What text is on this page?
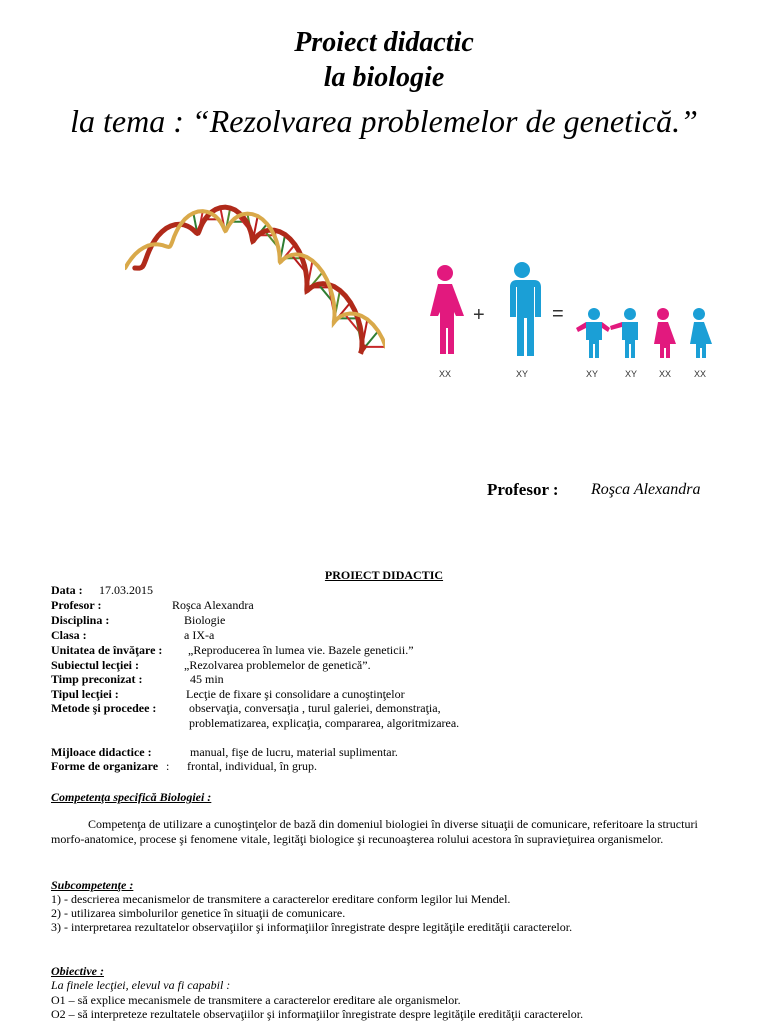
Proiect didactic
la biologie
la tema : “Rezolvarea problemelor de genetică.”
+	=
XX	XY	XY	XY	XX	XX
Profesor : Roşca Alexandra
PROIECT DIDACTIC
Data : 17.03.2015
Profesor :	Roşca Alexandra
Disciplina :	Biologie
Clasa :	a IX-a
Unitatea de învăţare : „Reproducerea în lumea vie. Bazele geneticii.”
Subiectul lecţiei :	„Rezolvarea problemelor de genetică”.
Timp preconizat :	45 min
Tipul lecţiei :	Lecţie de fixare şi consolidare a cunoştinţelor
Metode şi procedee :	observaţia, conversaţia , turul galeriei, demonstraţia,
problematizarea, explicaţia, compararea, algoritmizarea.
Mijloace didactice :	manual, fişe de lucru, material suplimentar.
Forme de organizare : frontal, individual, în grup.
Competenţa specifică Biologiei :
Competenţa de utilizare a cunoştinţelor de bază din domeniul biologiei în diverse situaţii de comunicare, referitoare la structuri morfo-anatomice, procese şi fenomene vitale, legităţi biologice şi recunoaşterea rolului acestora în supravieţuirea organismelor.
Subcompetenţe :
1) - descrierea mecanismelor de transmitere a caracterelor ereditare conform legilor lui Mendel.
2) - utilizarea simbolurilor genetice în situaţii de comunicare.
3) - interpretarea rezultatelor observaţiilor şi informaţiilor înregistrate despre legităţile eredităţii caracterelor.
Obiective :
La finele lecţiei, elevul va fi capabil :
O1 – să explice mecanismele de transmitere a caracterelor ereditare ale organismelor.
O2 – să interpreteze rezultatele observaţiilor şi informaţiilor înregistrate despre legităţile eredităţii caracterelor.
